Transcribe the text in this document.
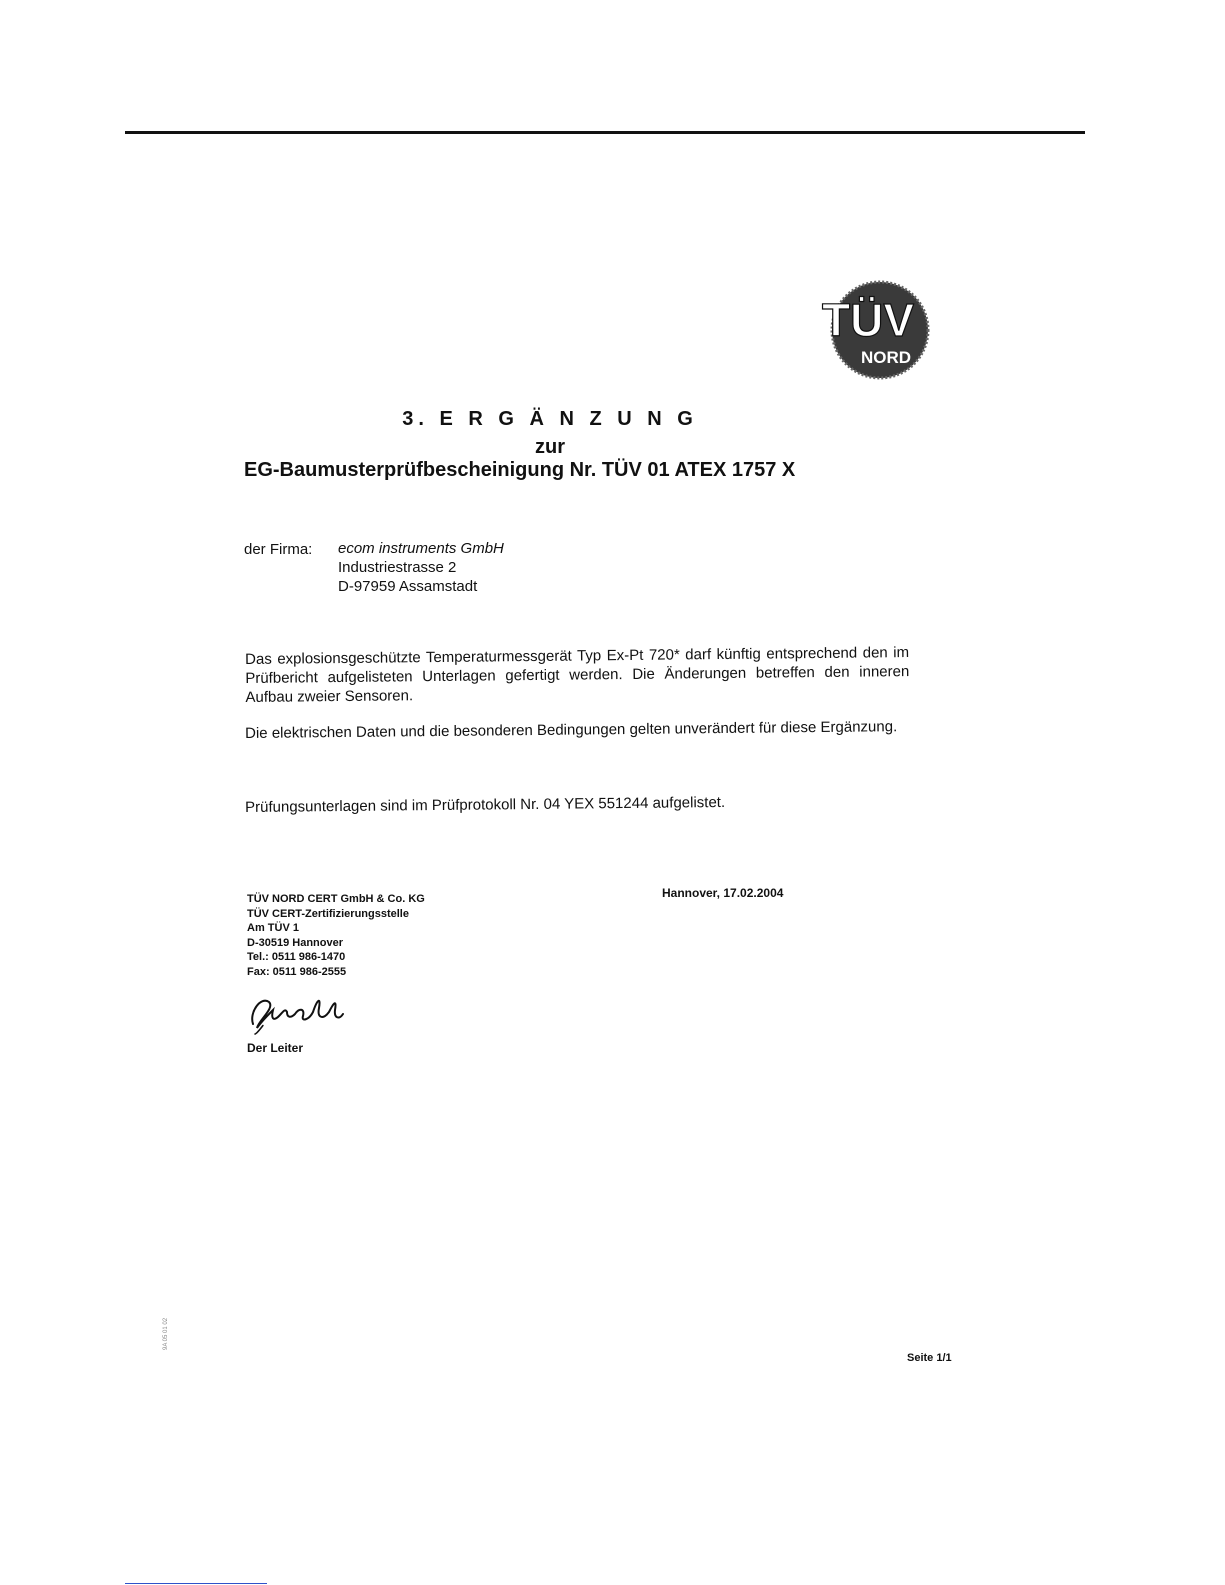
TÜV
NORD
3. E R G Ä N Z U N G
zur
EG-Baumusterprüfbescheinigung Nr. TÜV 01 ATEX 1757 X
der Firma: ecom instruments GmbH
Industriestrasse 2
D-97959 Assamstadt
Das explosionsgeschützte Temperaturmessgerät Typ Ex-Pt 720* darf künftig entsprechend den im Prüfbericht aufgelisteten Unterlagen gefertigt werden. Die Änderungen betreffen den inneren Aufbau zweier Sensoren.
Die elektrischen Daten und die besonderen Bedingungen gelten unverändert für diese Ergänzung.
Prüfungsunterlagen sind im Prüfprotokoll Nr. 04 YEX 551244 aufgelistet.
TÜV NORD CERT GmbH & Co. KG
TÜV CERT-Zertifizierungsstelle
Am TÜV 1
D-30519 Hannover
Tel.: 0511 986-1470
Fax: 0511 986-2555
Hannover, 17.02.2004
Der Leiter
9A 05 01 02
Seite 1/1
